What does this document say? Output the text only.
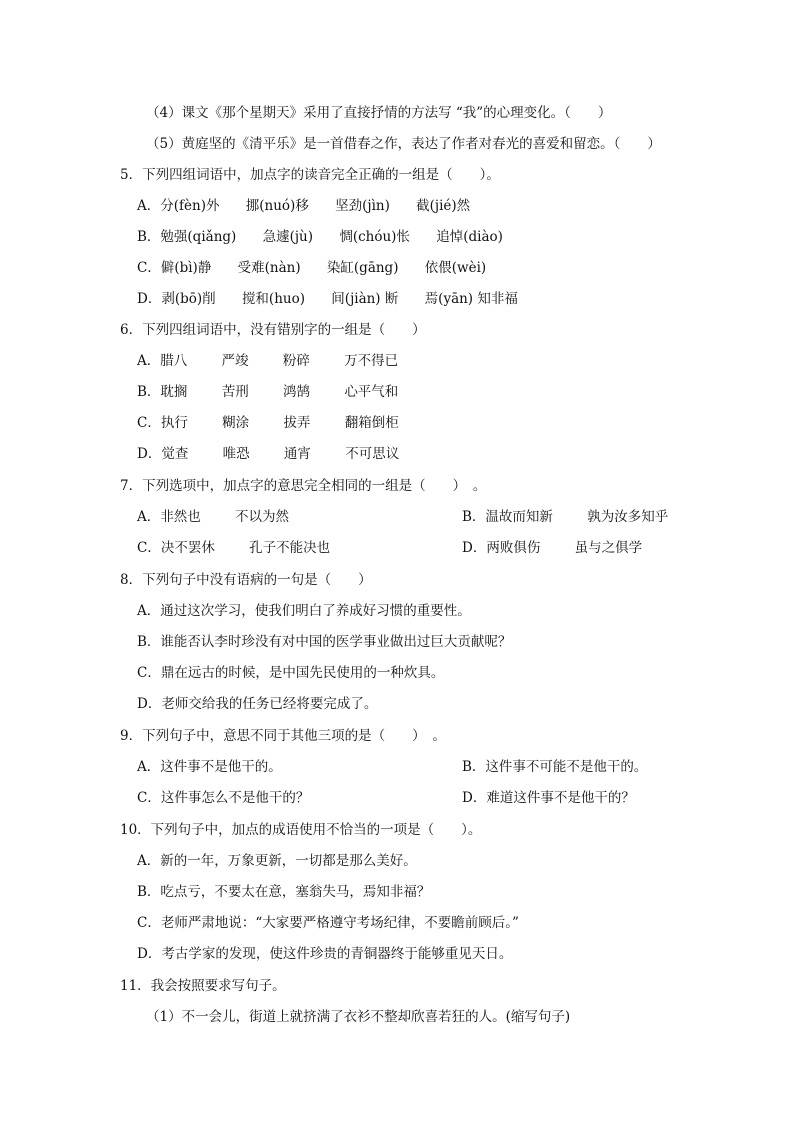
（4）课文《那个星期天》采用了直接抒情的方法写 “我”的心理变化。（　　）
（5）黄庭坚的《清平乐》是一首借春之作，表达了作者对春光的喜爱和留恋。（　　）
5．下列四组词语中，加点字的读音完全正确的一组是（　　）。
A．分(fèn)外 挪(nuó)移 坚劲(jìn) 截(jié)然
B．勉强(qiǎng) 急遽(jù) 惆(chóu)怅 追悼(diào)
C．僻(bì)静 受难(nàn) 染缸(gāng) 依偎(wèi)
D．剥(bō)削 搅和(huo) 间(jiàn) 断 焉(yān) 知非福
6．下列四组词语中，没有错别字的一组是（　　）
A．腊八	严竣	粉碎	万不得已
B．耽搁	苦刑	鸿鹄	心平气和
C．执行	糊涂	拔弄	翻箱倒柜
D．觉查	唯恐	通宵	不可思议
7．下列选项中，加点字的意思完全相同的一组是（　　）　。
A．非然也	不以为然	B．温故而知新	孰为汝多知乎
C．决不罢休	孔子不能决也	D．两败俱伤	虽与之俱学
8．下列句子中没有语病的一句是（　　）
A．通过这次学习，使我们明白了养成好习惯的重要性。
B．谁能否认李时珍没有对中国的医学事业做出过巨大贡献呢？
C．鼎在远古的时候，是中国先民使用的一种炊具。
D．老师交给我的任务已经将要完成了。
9．下列句子中，意思不同于其他三项的是（　　）　。
A．这件事不是他干的。	B．这件事不可能不是他干的。
C．这件事怎么不是他干的？	D．难道这件事不是他干的？
10．下列句子中，加点的成语使用不恰当的一项是（　　）。
A．新的一年，万象更新，一切都是那么美好。
B．吃点亏，不要太在意，塞翁失马，焉知非福？
C．老师严肃地说：“大家要严格遵守考场纪律，不要瞻前顾后。”
D．考古学家的发现，使这件珍贵的青铜器终于能够重见天日。
11．我会按照要求写句子。
（1）不一会儿，街道上就挤满了衣衫不整却欣喜若狂的人。(缩写句子)
